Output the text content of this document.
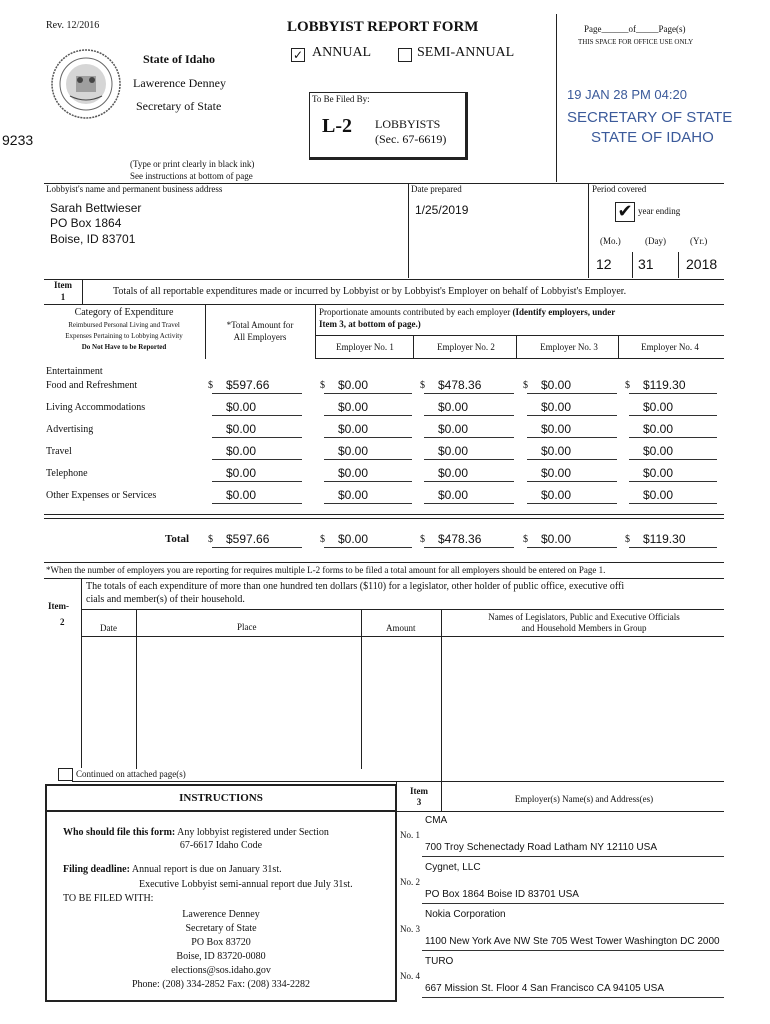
Rev. 12/2016	LOBBYIST REPORT FORM
✓ ANNUAL	SEMI-ANNUAL
State of Idaho
Lawerence Denney
Secretary of State
9233
To Be Filed By:
L-2 LOBBYISTS
(Sec. 67-6619)
(Type or print clearly in black ink)
See instructions at bottom of page
Page______of_____Page(s)
THIS SPACE FOR OFFICE USE ONLY
19 JAN 28 PM 04:20
SECRETARY OF STATE
STATE OF IDAHO
Lobbyist's name and permanent business address
Sarah Bettwieser
PO Box 1864
Boise, ID 83701
Date prepared
1/25/2019
Period covered
✔ year ending
(Mo.)	(Day)	(Yr.)
12 31 2018
Item
1	Totals of all reportable expenditures made or incurred by Lobbyist or by Lobbyist's Employer on behalf of Lobbyist's Employer.
Category of Expenditure
Reimbursed Personal Living and Travel
Expenses Pertaining to Lobbying Activity
Do Not Have to be Reported
*Total Amount for
All Employers
Proportionate amounts contributed by each employer (Identify employers, under
Item 3, at bottom of page.)
Employer No. 1	Employer No. 2	Employer No. 3	Employer No. 4
Entertainment
Food and Refreshment	$ $597.66	$ $0.00	$ $478.36	$ $0.00	$ $119.30
Living Accommodations	$0.00	$0.00	$0.00	$0.00	$0.00
Advertising	$0.00	$0.00	$0.00	$0.00	$0.00
Travel	$0.00	$0.00	$0.00	$0.00	$0.00
Telephone	$0.00	$0.00	$0.00	$0.00	$0.00
Other Expenses or Services	$0.00	$0.00	$0.00	$0.00	$0.00
Total $ $597.66	$ $0.00	$ $478.36	$ $0.00	$ $119.30
*When the number of employers you are reporting for requires multiple L-2 forms to be filed a total amount for all employers should be entered on Page 1.
Item-
2
The totals of each expenditure of more than one hundred ten dollars ($110) for a legislator, other holder of public office, executive offi
cials and member(s) of their household.
Date	Place	Amount
Names of Legislators, Public and Executive Officials
and Household Members in Group
Continued on attached page(s)
INSTRUCTIONS
Who should file this form: Any lobbyist registered under Section
67-6617 Idaho Code
Filing deadline: Annual report is due on January 31st.
Executive Lobbyist semi-annual report due July 31st.
TO BE FILED WITH:
Lawerence Denney
Secretary of State
PO Box 83720
Boise, ID 83720-0080
elections@sos.idaho.gov
Phone: (208) 334-2852 Fax: (208) 334-2282
Item
3	Employer(s) Name(s) and Address(es)
No. 1
CMA
700 Troy Schenectady Road Latham NY 12110 USA
No. 2
Cygnet, LLC
PO Box 1864 Boise ID 83701 USA
No. 3
Nokia Corporation
1100 New York Ave NW Ste 705 West Tower Washington DC 2000
No. 4
TURO
667 Mission St. Floor 4 San Francisco CA 94105 USA
